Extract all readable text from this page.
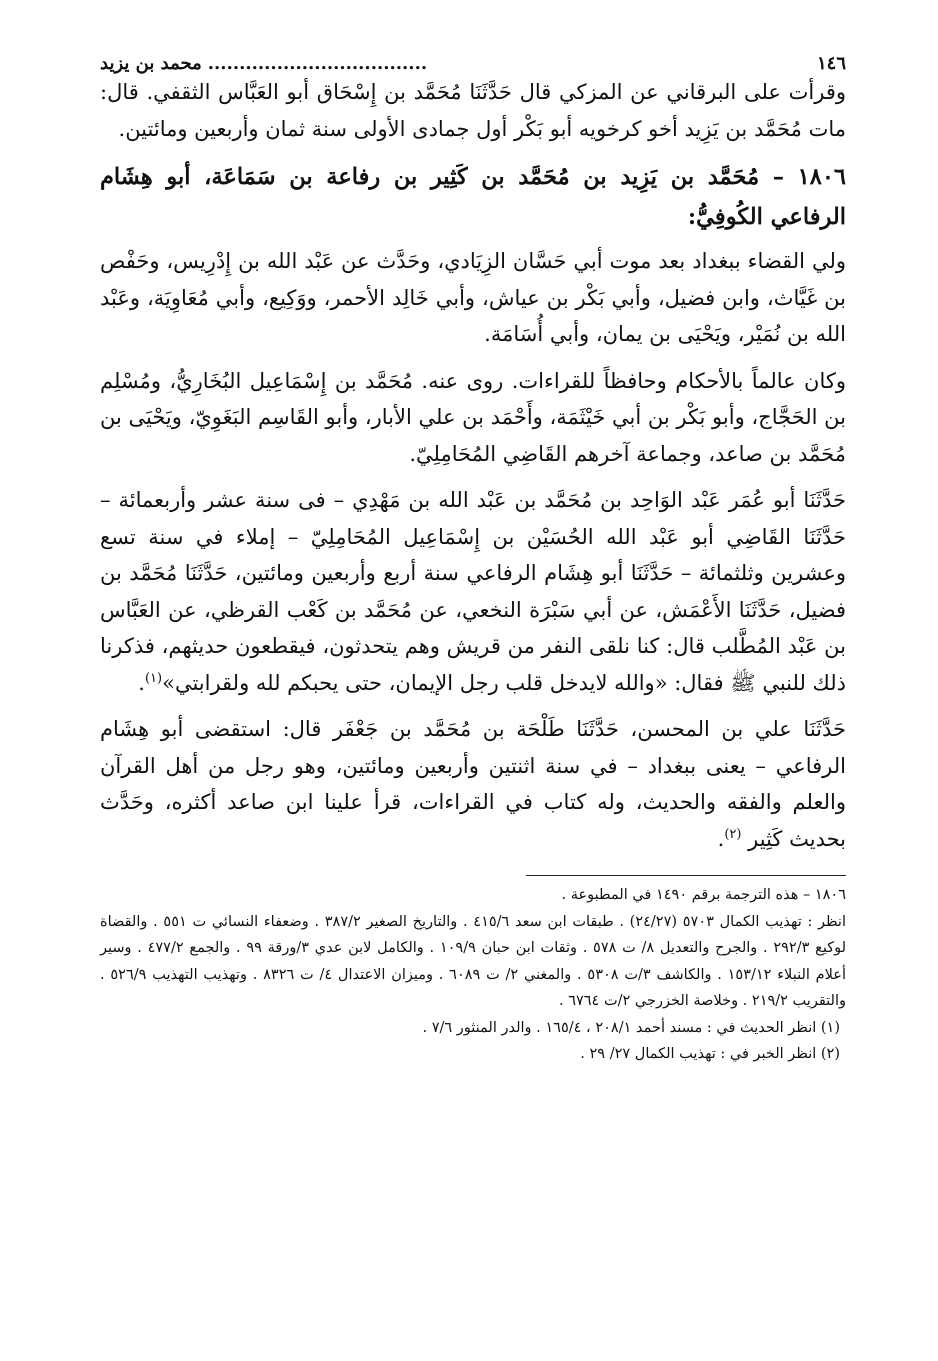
١٤٦
...................................محمد بن يزيد

وقرأت على البرقاني عن المزكي قال حَدَّثَنَا مُحَمَّد بن إِسْحَاق أبو العَبَّاس الثقفي. قال: مات مُحَمَّد بن يَزِيد أخو كرخويه أبو بَكْر أول جمادى الأولى سنة ثمان وأربعين ومائتين.

١٨٠٦ – مُحَمَّد بن يَزِيد بن مُحَمَّد بن كَثِير بن رفاعة بن سَمَاعَة، أبو هِشَام الرفاعي الكُوفِيُّ:

ولي القضاء ببغداد بعد موت أبي حَسَّان الزِيَادي، وحَدَّث عن عَبْد الله بن إِدْرِيس، وحَفْص بن غَيَّاث، وابن فضيل، وأبي بَكْر بن عياش، وأبي خَالِد الأحمر، ووَكِيع، وأبي مُعَاوِيَة، وعَبْد الله بن نُمَيْر، ويَحْيَى بن يمان، وأبي أُسَامَة.

وكان عالماً بالأحكام وحافظاً للقراءات. روى عنه. مُحَمَّد بن إِسْمَاعِيل البُخَارِيُّ، ومُسْلِم بن الحَجَّاج، وأبو بَكْر بن أبي خَيْثَمَة، وأَحْمَد بن علي الأبار، وأبو القَاسِم البَغَوِيّ، ويَحْيَى بن مُحَمَّد بن صاعد، وجماعة آخرهم القَاضِي المُحَامِلِيّ.

حَدَّثَنَا أبو عُمَر عَبْد الوَاحِد بن مُحَمَّد بن عَبْد الله بن مَهْدِي – فى سنة عشر وأربعمائة – حَدَّثَنَا القَاضِي أبو عَبْد الله الحُسَيْن بن إِسْمَاعِيل المُحَامِلِيّ – إملاء في سنة تسع وعشرين وثلثمائة – حَدَّثَنَا أبو هِشَام الرفاعي سنة أربع وأربعين ومائتين، حَدَّثَنَا مُحَمَّد بن فضيل، حَدَّثَنَا الأَعْمَش، عن أبي سَبْرَة النخعي، عن مُحَمَّد بن كَعْب القرظي، عن العَبَّاس بن عَبْد المُطَّلب قال: كنا نلقى النفر من قريش وهم يتحدثون، فيقطعون حديثهم، فذكرنا ذلك للنبي ﷺ فقال: «والله لايدخل قلب رجل الإيمان، حتى يحبكم لله ولقرابتي»$^{(١)}$.

حَدَّثَنَا علي بن المحسن، حَدَّثَنَا طَلْحَة بن مُحَمَّد بن جَعْفَر قال: استقضى أبو هِشَام الرفاعي – يعنى ببغداد – في سنة اثنتين وأربعين ومائتين، وهو رجل من أهل القرآن والعلم والفقه والحديث، وله كتاب في القراءات، قرأ علينا ابن صاعد أكثره، وحَدَّث بحديث كَثِير $^{(٢)}$.

١٨٠٦ – هذه الترجمة برقم ١٤٩٠ في المطبوعة .
انظر : تهذيب الكمال ٥٧٠٣ (٢٤/٢٧) . طبقات ابن سعد ٤١٥/٦ . والتاريخ الصغير ٣٨٧/٢ . وضعفاء النسائي ت ٥٥١ . والقضاة لوكيع ٢٩٢/٣ . والجرح والتعديل ٨/ ت ٥٧٨ . وثقات ابن حبان ١٠٩/٩ . والكامل لابن عدي ٣/ورقة ٩٩ . والجمع ٤٧٧/٢ . وسير أعلام النبلاء ١٥٣/١٢ . والكاشف ٣/ت ٥٣٠٨ . والمغني ٢/ ت ٦٠٨٩ . وميزان الاعتدال ٤/ ت ٨٣٢٦ . وتهذيب التهذيب ٥٢٦/٩ . والتقريب ٢١٩/٢ . وخلاصة الخزرجي ٢/ت ٦٧٦٤ .
(١) انظر الحديث في : مسند أحمد ٢٠٨/١ ، ١٦٥/٤ . والدر المنثور ٧/٦ .
(٢) انظر الخبر في : تهذيب الكمال ٢٧/ ٢٩ .
